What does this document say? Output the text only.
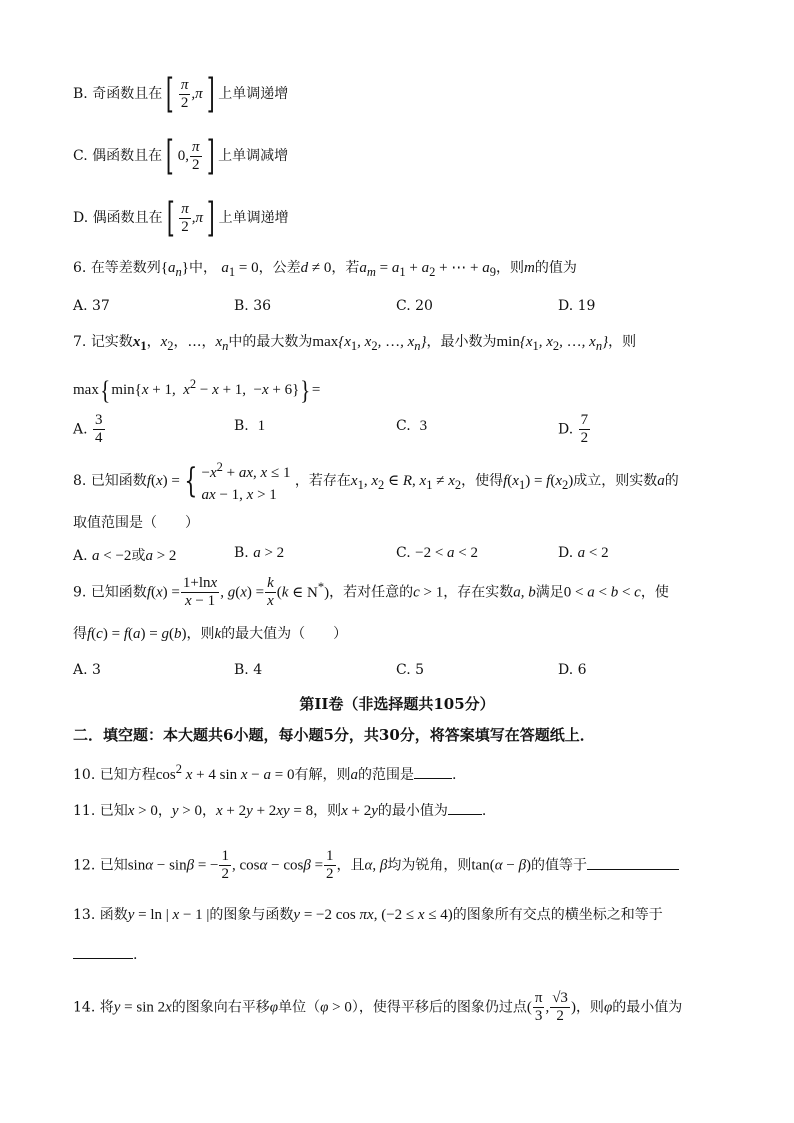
B. 奇函数且在[ $\frac{\pi}{2} ,\pi$] 上单调递增
C. 偶函数且在[ 0, $\frac{\pi}{2}$ ] 上单调减增
D. 偶函数且在[ $\frac{\pi}{2} ,\pi$] 上单调递增
6. 在等差数列$\{a_n\}$中， $a_1 = 0$，公差d ≠ 0，若$a_m = a_1 + a_2$ + ⋯ + $a_9$，则m的值为
A. 37	B. 36	C. 20	D. 19
7. 记实数$x_1$，$x_2$，…，$x_n$中的最大数为$\max\{x_1$, $x_2$, …, $x_n$}，最小数为$\min\{x_1$, $x_2$, …, $x_n$}，则
max{min{x + 1,  $x^2 - x + 1$, −x + 6}}=
A. $\frac{3}{4}$	B. 1	C. 3	D. $\frac{7}{2}$
8. 已知函数f(x) = { $-x^2$ + ax, x ≤ 1
ax − 1, x > 1
，若存在$x_1$, $x_2$ ∈ R, $x_1 \ne x_2$，使得$f(x_1) = f(x_2)$成立，则实数a的
取值范围是（　　）
A. a < −2或a > 2	B. a > 2	C. −2 < a < 2	D. a < 2
9. 已知函数$f(x) = \frac{1+\ln x}{x - 1}$ , $g(x) = \frac{k}{x} (k$ ∈ N*)，若对任意的c > 1，存在实数a, b满足0 < a < b < c，使
得f(c) = f(a) = g(b)，则k的最大值为（　　）
A. 3	B. 4	C. 5	D. 6
第II卷（非选择题共105分）
二．填空题：本大题共6小题，每小题5分，共30分，将答案填写在答题纸上．
10. 已知方程$\cos^2 x + 4$ sin x − a = 0有解，则a的范围是	.
11. 已知x > 0，y > 0，x + 2y + 2xy = 8，则x + 2y的最小值为 .
12. 已知sinα − sinβ = − $\frac{1}{2}$ , $\cos\alpha - \cos\beta = \frac{1}{2}$ ，且α, β均为锐角，则tan(α − β)的值等于
13. 函数y = ln | x − 1 |的图象与函数y = −2 cos πx, (−2 ≤ x ≤ 4)的图象所有交点的横坐标之和等于
.
14. 将y = sin 2x的图象向右平移φ单位（φ > 0），使得平移后的图象仍过点( $\frac{\pi}{3}$ , $\frac{√3}{2}$ )，则φ的最小值为
